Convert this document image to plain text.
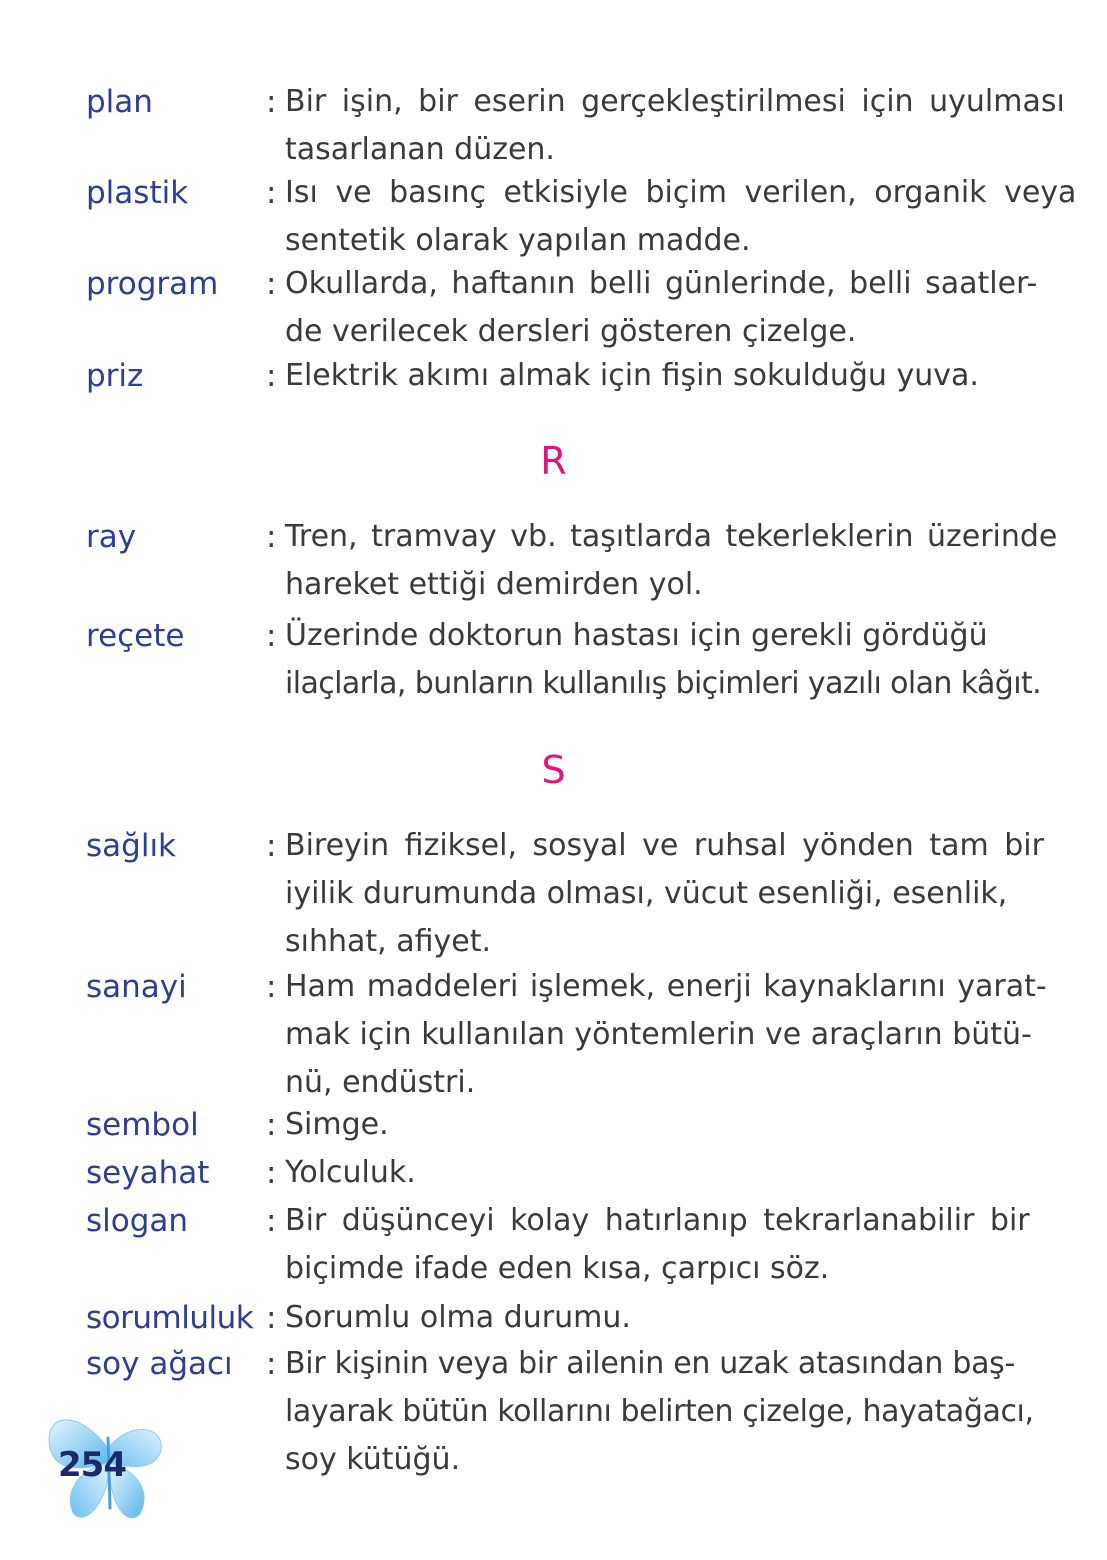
plan	: Bir işin, bir eserin gerçekleştirilmesi için uyulması
tasarlanan düzen.
plastik	: Isı ve basınç etkisiyle biçim verilen, organik veya
sentetik olarak yapılan madde.
program : Okullarda, haftanın belli günlerinde, belli saatler-
de verilecek dersleri gösteren çizelge.
priz	: Elektrik akımı almak için fişin sokulduğu yuva.
R
ray	: Tren, tramvay vb. taşıtlarda tekerleklerin üzerinde
hareket ettiği demirden yol.
reçete	: Üzerinde doktorun hastası için gerekli gördüğü
ilaçlarla, bunların kullanılış biçimleri yazılı olan kâğıt.
S
sağlık	: Bireyin fiziksel, sosyal ve ruhsal yönden tam bir
iyilik durumunda olması, vücut esenliği, esenlik,
sıhhat, afiyet.
sanayi	: Ham maddeleri işlemek, enerji kaynaklarını yarat-
mak için kullanılan yöntemlerin ve araçların bütü-
nü, endüstri.
sembol : Simge.
seyahat : Yolculuk.
slogan	: Bir düşünceyi kolay hatırlanıp tekrarlanabilir bir
biçimde ifade eden kısa, çarpıcı söz.
sorumluluk : Sorumlu olma durumu.
soy ağacı : Bir kişinin veya bir ailenin en uzak atasından baş-
layarak bütün kollarını belirten çizelge, hayatağacı,
soy kütüğü.
254
